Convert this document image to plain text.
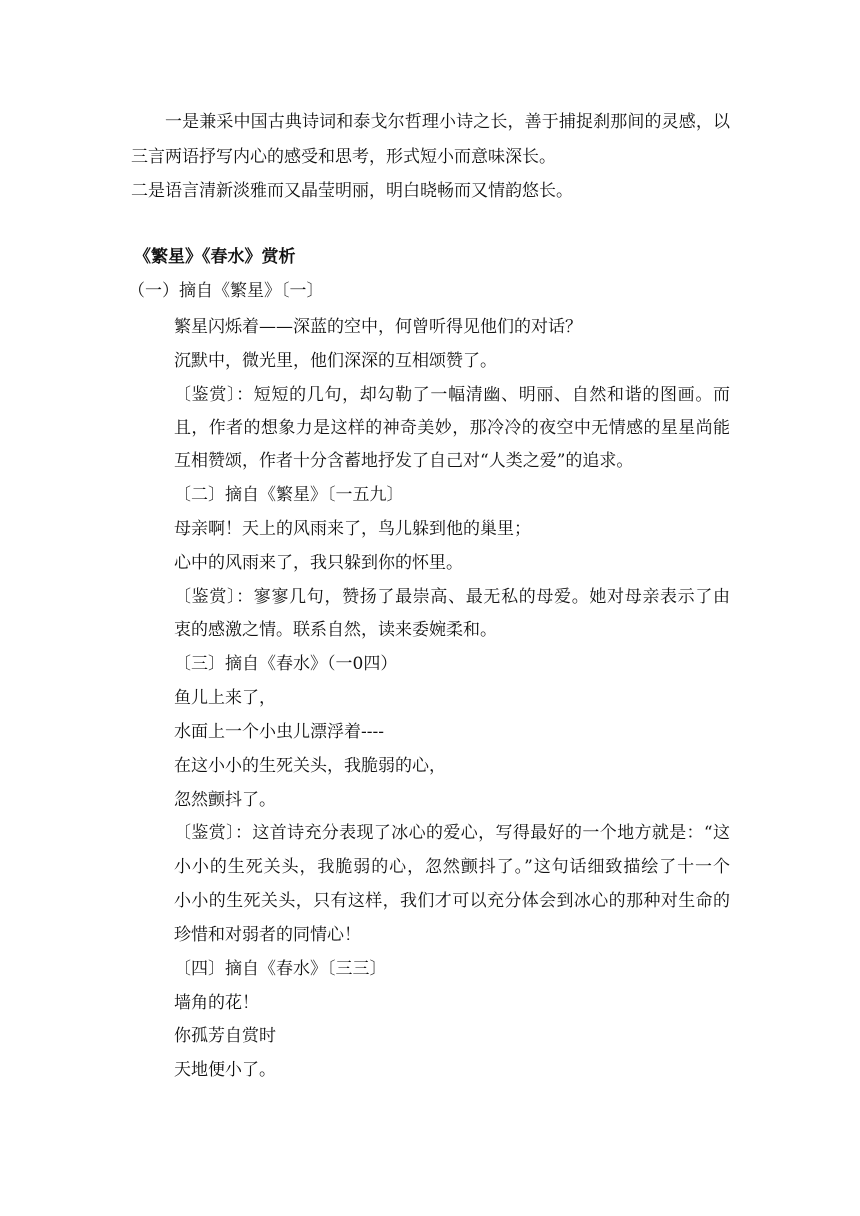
一是兼采中国古典诗词和泰戈尔哲理小诗之长，善于捕捉刹那间的灵感，以
三言两语抒写内心的感受和思考，形式短小而意味深长。
二是语言清新淡雅而又晶莹明丽，明白晓畅而又情韵悠长。
《繁星》《春水》赏析
（一）摘自《繁星》〔一〕
繁星闪烁着——深蓝的空中，何曾听得见他们的对话？
沉默中，微光里，他们深深的互相颂赞了。
〔鉴赏〕：短短的几句，却勾勒了一幅清幽、明丽、自然和谐的图画。而
且，作者的想象力是这样的神奇美妙，那冷冷的夜空中无情感的星星尚能
互相赞颂，作者十分含蓄地抒发了自己对“人类之爱”的追求。
〔二〕摘自《繁星》〔一五九〕
母亲啊！天上的风雨来了，鸟儿躲到他的巢里；
心中的风雨来了，我只躲到你的怀里。
〔鉴赏〕：寥寥几句，赞扬了最崇高、最无私的母爱。她对母亲表示了由
衷的感激之情。联系自然，读来委婉柔和。
〔三〕摘自《春水》（一0四）
鱼儿上来了，
水面上一个小虫儿漂浮着----
在这小小的生死关头，我脆弱的心，
忽然颤抖了。
〔鉴赏〕：这首诗充分表现了冰心的爱心，写得最好的一个地方就是：“这
小小的生死关头，我脆弱的心，忽然颤抖了。”这句话细致描绘了十一个
小小的生死关头，只有这样，我们才可以充分体会到冰心的那种对生命的
珍惜和对弱者的同情心！
〔四〕摘自《春水》〔三三〕
墙角的花！
你孤芳自赏时
天地便小了。
